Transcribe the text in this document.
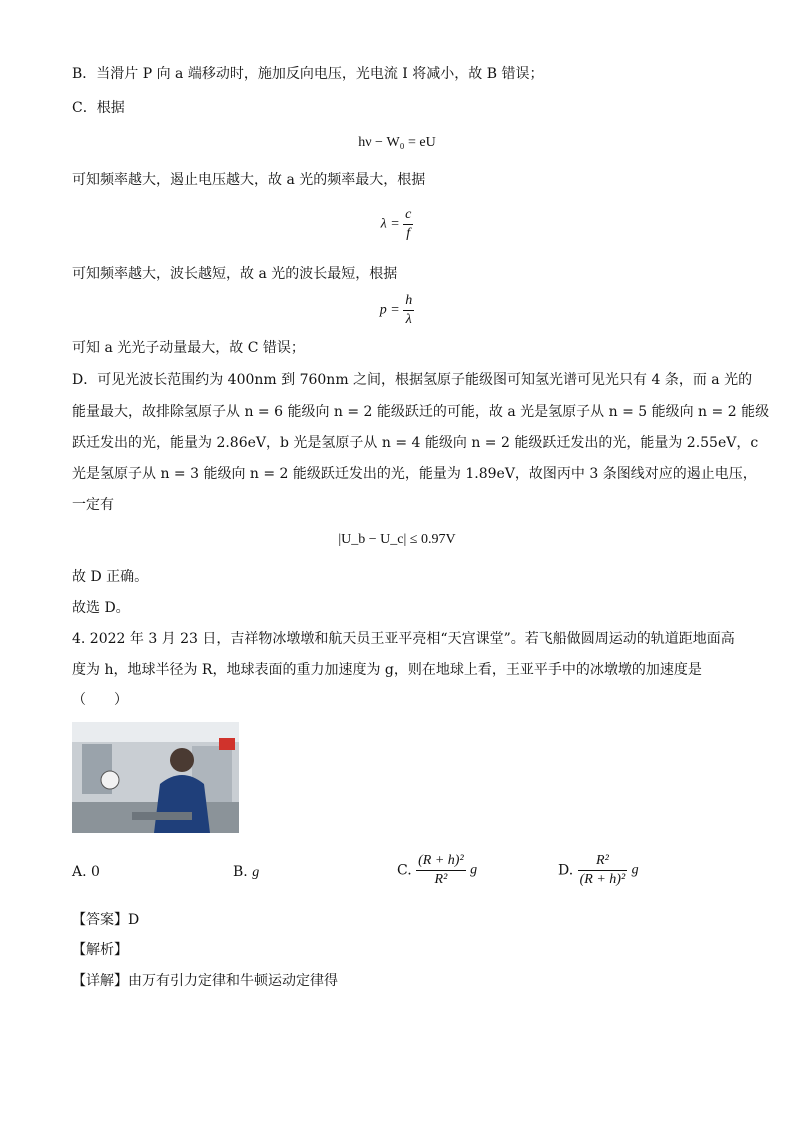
B．当滑片 P 向 a 端移动时，施加反向电压，光电流 I 将减小，故 B 错误；
C．根据
hν − W₀ = eU
可知频率越大，遏止电压越大，故 a 光的频率最大，根据
$\lambda = \frac{c}{f}$
可知频率越大，波长越短，故 a 光的波长最短，根据
$p = \frac{h}{\lambda}$
可知 a 光光子动量最大，故 C 错误；
D．可见光波长范围约为 400nm 到 760nm 之间，根据氢原子能级图可知氢光谱可见光只有 4 条，而 a 光的
能量最大，故排除氢原子从 n = 6 能级向 n = 2 能级跃迁的可能，故 a 光是氢原子从 n = 5 能级向 n = 2 能级
跃迁发出的光，能量为 2.86eV，b 光是氢原子从 n = 4 能级向 n = 2 能级跃迁发出的光，能量为 2.55eV，c
光是氢原子从 n = 3 能级向 n = 2 能级跃迁发出的光，能量为 1.89eV，故图丙中 3 条图线对应的遏止电压，
一定有
|U_b − U_c| ≤ 0.97V
故 D 正确。
故选 D。
4. 2022 年 3 月 23 日，吉祥物冰墩墩和航天员王亚平亮相“天宫课堂”。若飞船做圆周运动的轨道距地面高
度为 h，地球半径为 R，地球表面的重力加速度为 g，则在地球上看，王亚平手中的冰墩墩的加速度是
（　　）
A. 0	B. g	C. $\frac{\text{(R + h)²}}{\text{R²}}$ g	D. $\frac{\text{R²}}{\text{(R + h)²}}$ g
【答案】D
【解析】
【详解】由万有引力定律和牛顿运动定律得
